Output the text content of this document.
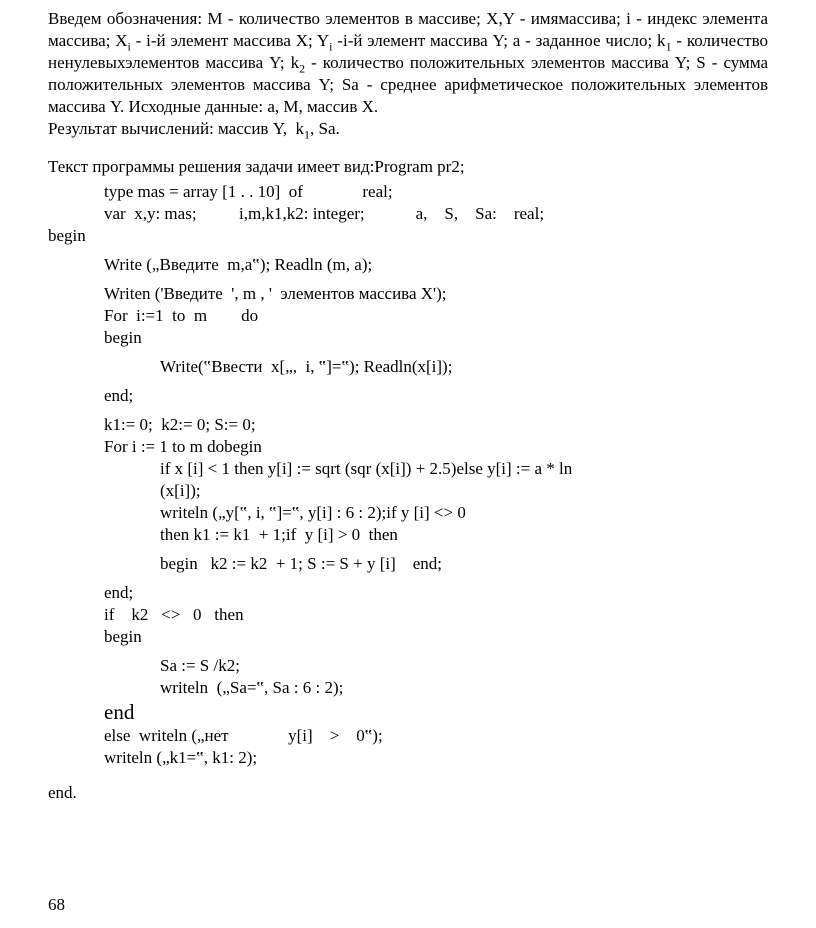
Введем обозначения: М - количество элементов в массиве; X,Y - имямассива; i - индекс элемента массива; $X_i - i-й$ элемент массива X; $Y_i$ -i-й элемент массива Y; а - заданное число; $k_1$ - количество ненулевыхэлементов массива Y; $k_2$ - количество положительных элементов массива Y; S - сумма положительных элементов массива Y; Sa - среднее арифметическое положительных элементов массива Y. Исходные данные: а, М, массив X.

Результат вычислений: массив Y,  $k_1$, Sa.

Текст программы решения задачи имеет вид:Program pr2;
type mas = array [1 . . 10]  of              real;
var  x,y: mas;          i,m,k1,k2: integer;            а,    S,    Sa:    real;
begin
Write („Введите  m,a‟); Readln (m, a);
Writen ('Введите  ', m , '  элементов массива X');
For  i:=1  to  m        do
begin
Write(‟Ввести  x[„,  i, ‟]=‟); Readln(x[i]);
end;
k1:= 0;  k2:= 0; S:= 0;
For i := 1 to m dobegin
if x [i] < 1 then y[i] := sqrt (sqr (x[i]) + 2.5)else y[i] := a * ln
(x[i]);
writeln („y[‟, i, ‟]=‟, y[i] : 6 : 2);if y [i] <> 0
then k1 := k1  + 1;if  y [i] > 0  then
begin   k2 := k2  + 1; S := S + y [i]    end;
end;
if    k2   <>   0   then
begin
Sa := S /k2;
writeln  („Sa=‟, Sa : 6 : 2);
end
else  writeln („нет              y[i]    >    0‟);
writeln („k1=‟, k1: 2);
end.
68
